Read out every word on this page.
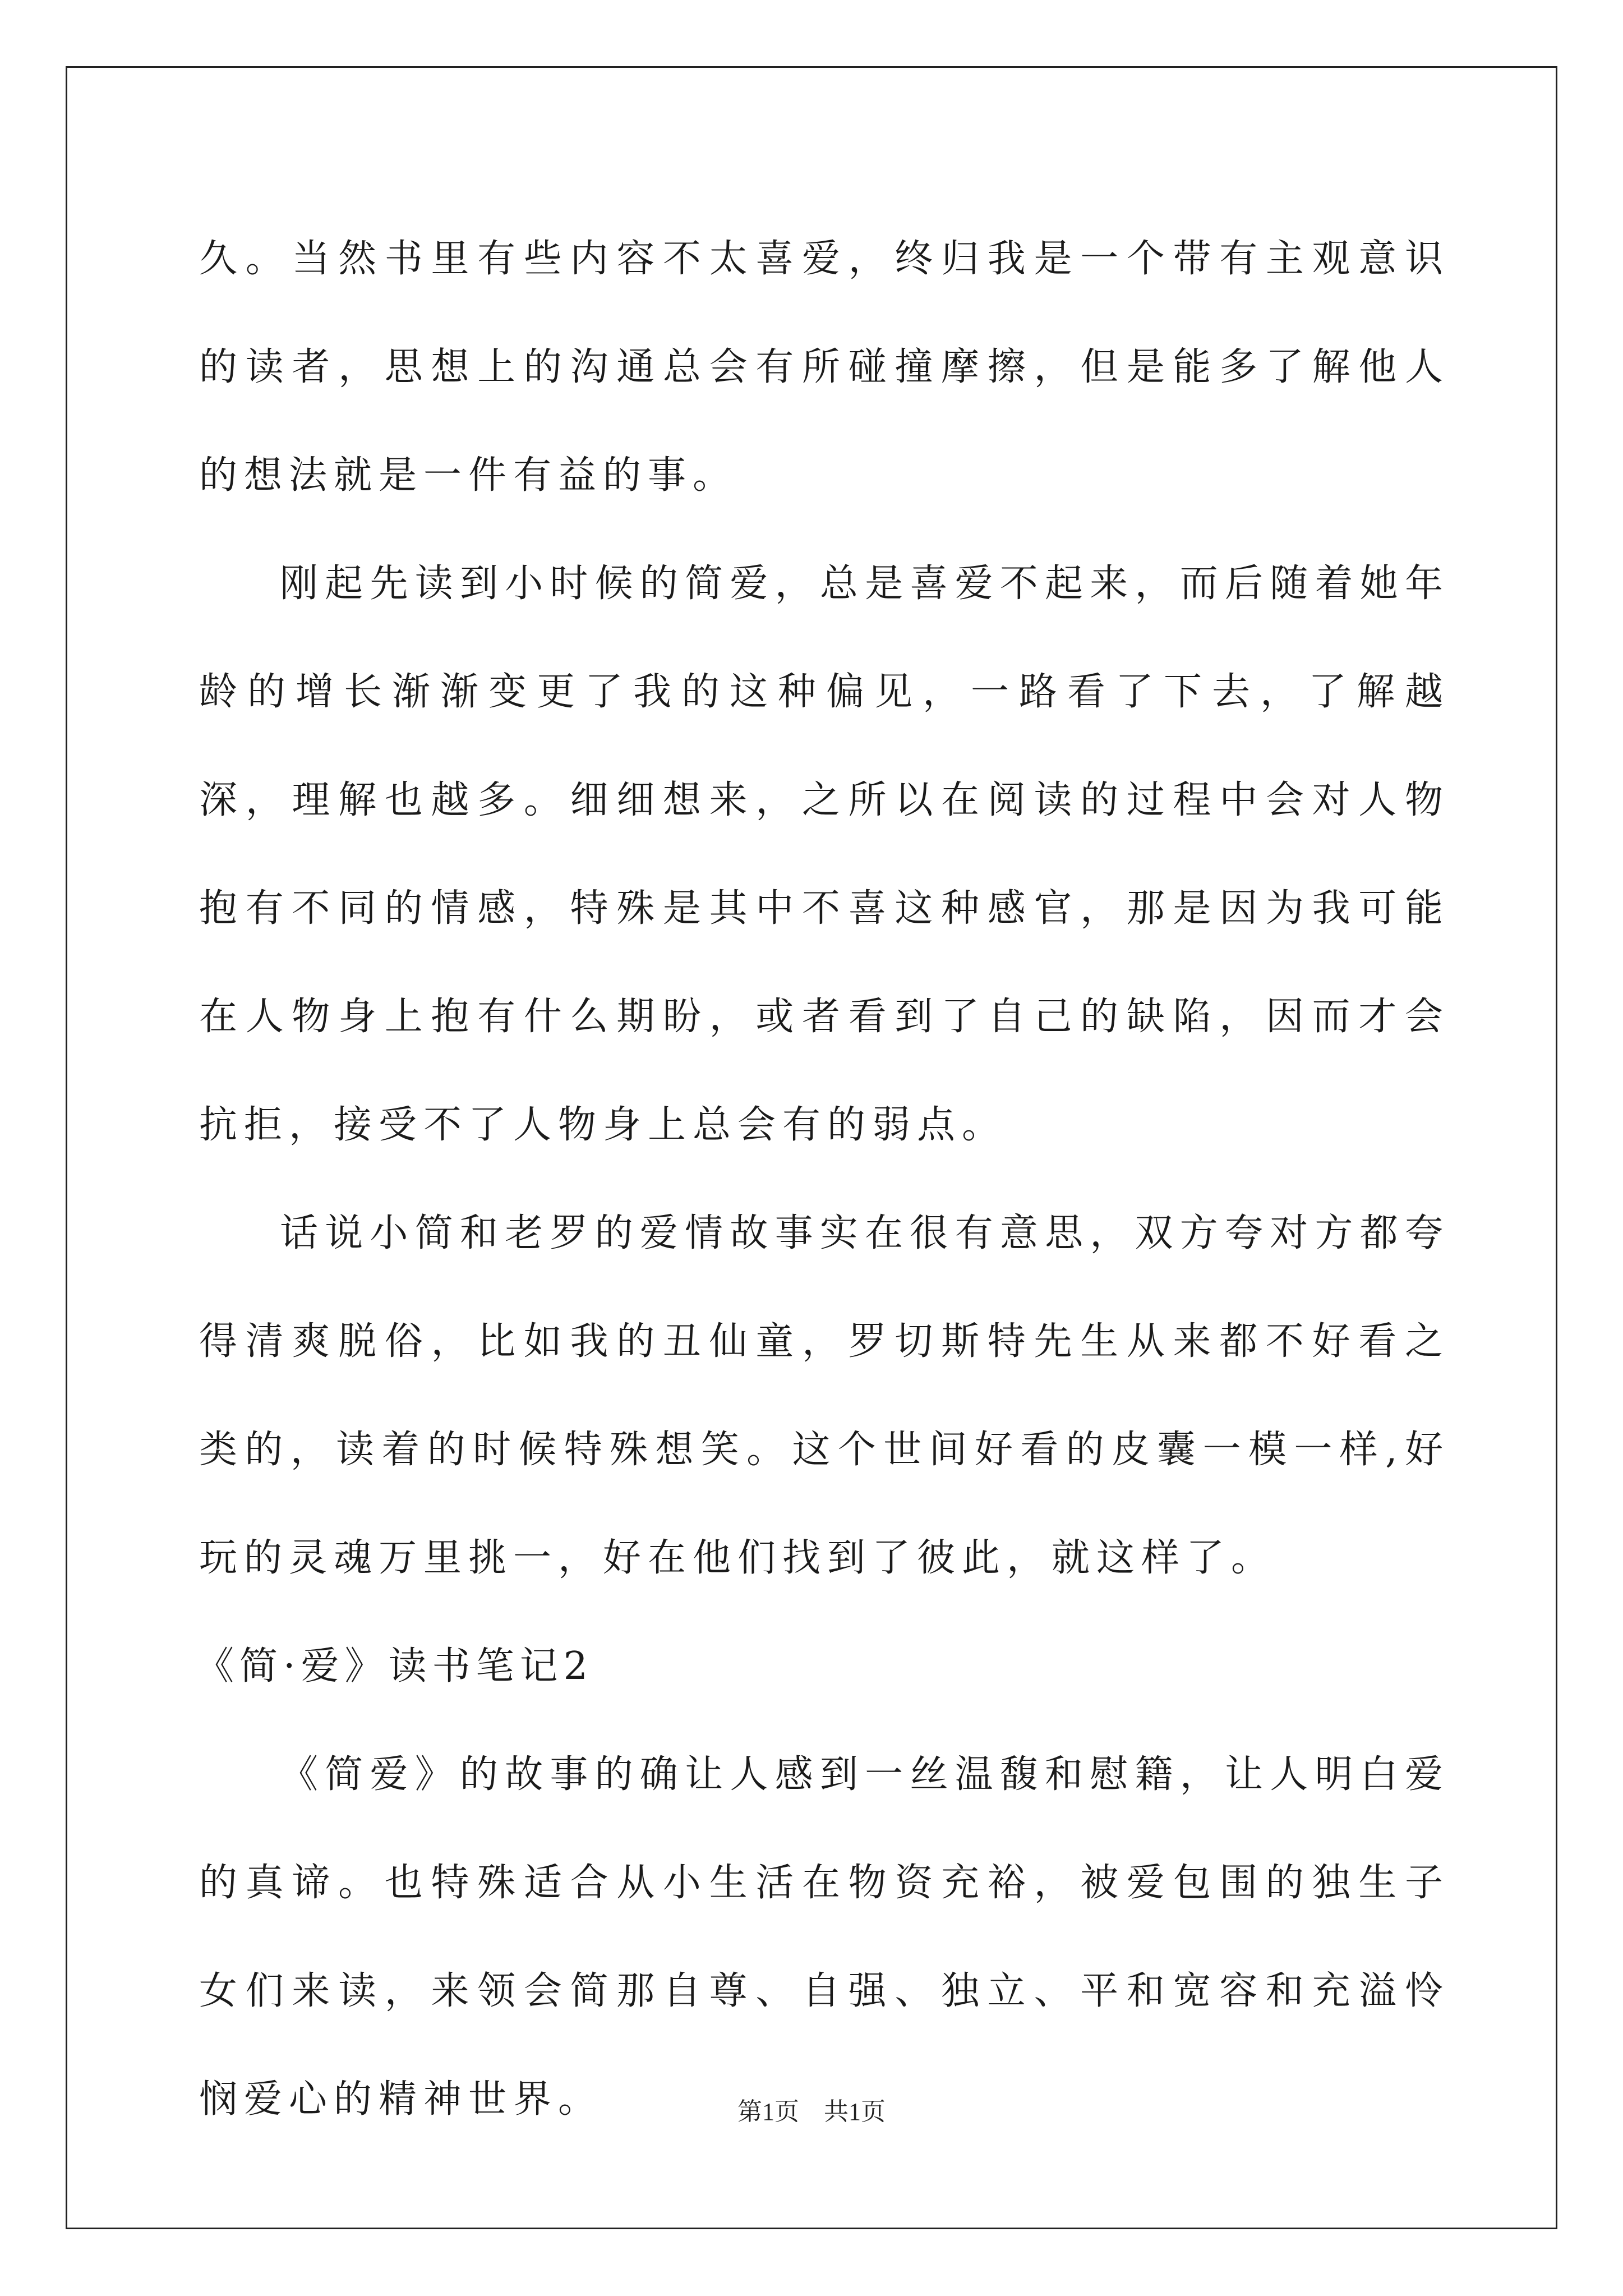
久。当然书里有些内容不太喜爱，终归我是一个带有主观意识的读者，思想上的沟通总会有所碰撞摩擦，但是能多了解他人的想法就是一件有益的事。

刚起先读到小时候的简爱，总是喜爱不起来，而后随着她年龄的增长渐渐变更了我的这种偏见，一路看了下去，了解越深，理解也越多。细细想来，之所以在阅读的过程中会对人物抱有不同的情感，特殊是其中不喜这种感官，那是因为我可能在人物身上抱有什么期盼，或者看到了自己的缺陷，因而才会抗拒，接受不了人物身上总会有的弱点。

话说小简和老罗的爱情故事实在很有意思，双方夸对方都夸得清爽脱俗，比如我的丑仙童，罗切斯特先生从来都不好看之类的，读着的时候特殊想笑。这个世间好看的皮囊一模一样,好玩的灵魂万里挑一，好在他们找到了彼此，就这样了。

《简·爱》读书笔记2

《简爱》的故事的确让人感到一丝温馥和慰籍，让人明白爱的真谛。也特殊适合从小生活在物资充裕，被爱包围的独生子女们来读，来领会简那自尊、自强、独立、平和宽容和充溢怜悯爱心的精神世界。	第1页 共1页
